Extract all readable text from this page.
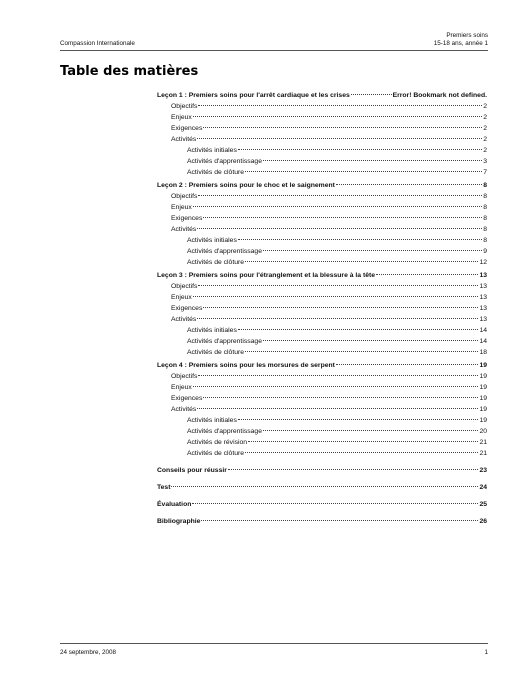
Compassion Internationale
Premiers soins
15-18 ans, année 1
Table des matières
Leçon 1 : Premiers soins pour l'arrêt cardiaque et les crises	Error! Bookmark not defined.
Objectifs	2
Enjeux	2
Exigences	2
Activités	2
Activités initiales	2
Activités d'apprentissage	3
Activités de clôture	7
Leçon 2 : Premiers soins pour le choc et le saignement	8
Objectifs	8
Enjeux	8
Exigences	8
Activités	8
Activités initiales	8
Activités d'apprentissage	9
Activités de clôture	12
Leçon 3 : Premiers soins pour l'étranglement et la blessure à la tête	13
Objectifs	13
Enjeux	13
Exigences	13
Activités	13
Activités initiales	14
Activités d'apprentissage	14
Activités de clôture	18
Leçon 4 : Premiers soins pour les morsures de serpent	19
Objectifs	19
Enjeux	19
Exigences	19
Activités	19
Activités initiales	19
Activités d'apprentissage	20
Activités de révision	21
Activités de clôture	21
Conseils pour réussir	23
Test	24
Évaluation	25
Bibliographie	26
24 septembre, 2008	1
